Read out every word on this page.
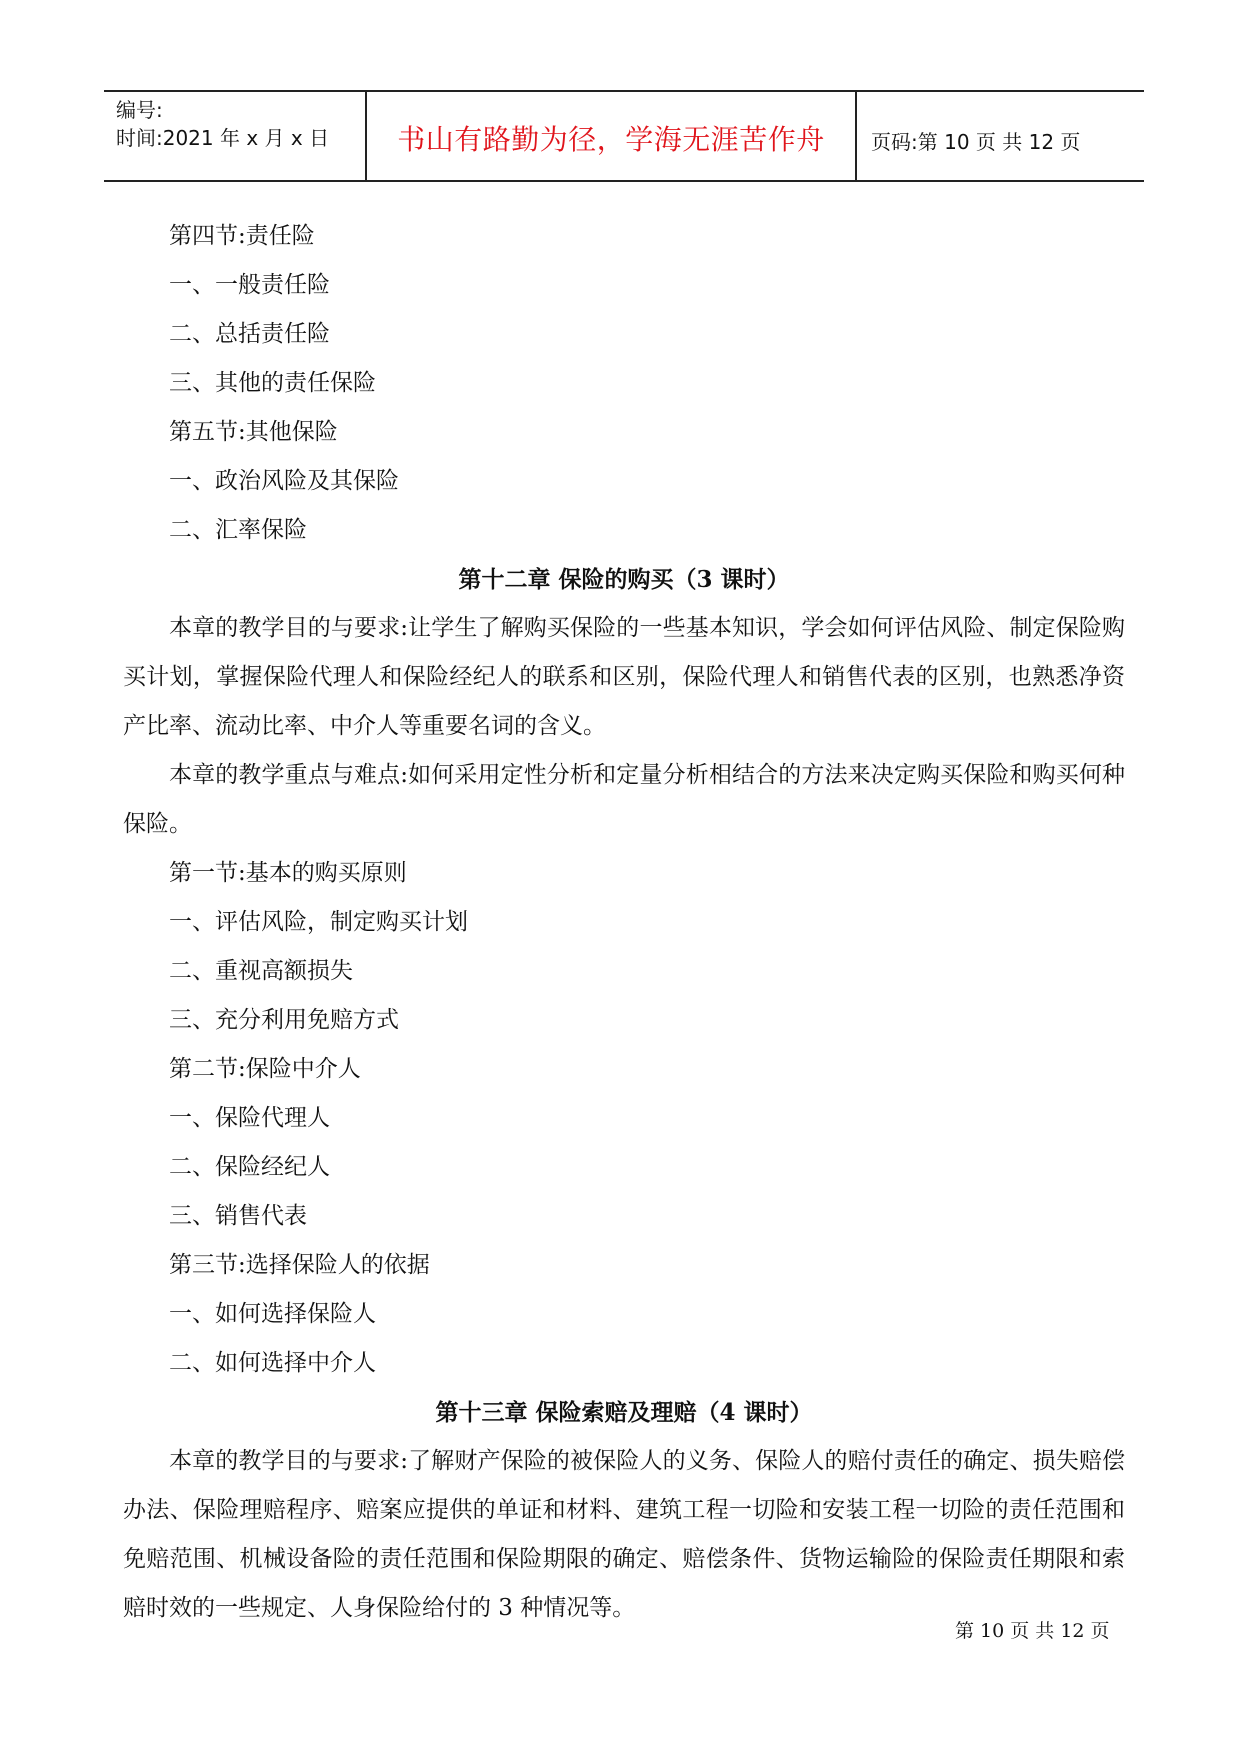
编号:
时间:2021 年 x 月 x 日	书山有路勤为径，学海无涯苦作舟	页码:第 10 页 共 12 页
第四节:责任险
一、一般责任险
二、总括责任险
三、其他的责任保险
第五节:其他保险
一、政治风险及其保险
二、汇率保险
第十二章 保险的购买（3 课时）
本章的教学目的与要求:让学生了解购买保险的一些基本知识，学会如何评估风险、制定保险购买计划，掌握保险代理人和保险经纪人的联系和区别，保险代理人和销售代表的区别，也熟悉净资产比率、流动比率、中介人等重要名词的含义。
本章的教学重点与难点:如何采用定性分析和定量分析相结合的方法来决定购买保险和购买何种保险。
第一节:基本的购买原则
一、评估风险，制定购买计划
二、重视高额损失
三、充分利用免赔方式
第二节:保险中介人
一、保险代理人
二、保险经纪人
三、销售代表
第三节:选择保险人的依据
一、如何选择保险人
二、如何选择中介人
第十三章 保险索赔及理赔（4 课时）
本章的教学目的与要求:了解财产保险的被保险人的义务、保险人的赔付责任的确定、损失赔偿办法、保险理赔程序、赔案应提供的单证和材料、建筑工程一切险和安装工程一切险的责任范围和免赔范围、机械设备险的责任范围和保险期限的确定、赔偿条件、货物运输险的保险责任期限和索赔时效的一些规定、人身保险给付的 3 种情况等。
第 10 页 共 12 页
